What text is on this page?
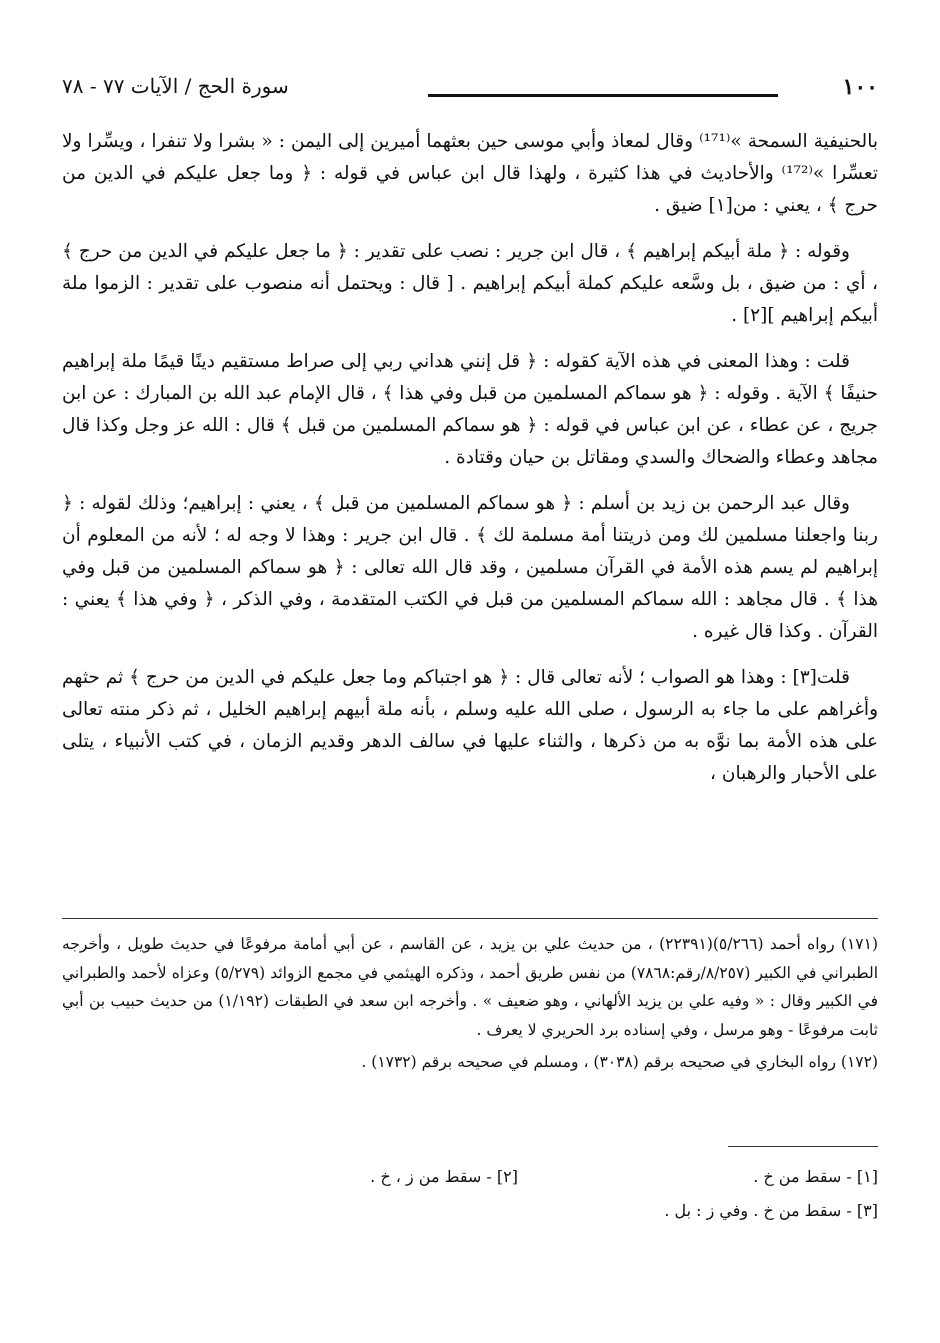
١٠٠
سورة الحج / الآيات ٧٧ - ٧٨

بالحنيفية السمحة »⁽¹⁷¹⁾ وقال لمعاذ وأبي موسى حين بعثهما أميرين إلى اليمن : « بشرا ولا تنفرا ، ويسِّرا ولا تعسِّرا »⁽¹⁷²⁾ والأحاديث في هذا كثيرة ، ولهذا قال ابن عباس في قوله : ﴿ وما جعل عليكم في الدين من حرج ﴾ ، يعني : من[١] ضيق .

وقوله : ﴿ ملة أبيكم إبراهيم ﴾ ، قال ابن جرير : نصب على تقدير : ﴿ ما جعل عليكم في الدين من حرج ﴾ ، أي : من ضيق ، بل وسَّعه عليكم كملة أبيكم إبراهيم . [ قال : ويحتمل أنه منصوب على تقدير : الزموا ملة أبيكم إبراهيم ][٢] .

قلت : وهذا المعنى في هذه الآية كقوله : ﴿ قل إنني هداني ربي إلى صراط مستقيم دينًا قيمًا ملة إبراهيم حنيفًا ﴾ الآية . وقوله : ﴿ هو سماكم المسلمين من قبل وفي هذا ﴾ ، قال الإمام عبد الله بن المبارك : عن ابن جريج ، عن عطاء ، عن ابن عباس في قوله : ﴿ هو سماكم المسلمين من قبل ﴾ قال : الله عز وجل وكذا قال مجاهد وعطاء والضحاك والسدي ومقاتل بن حيان وقتادة .

وقال عبد الرحمن بن زيد بن أسلم : ﴿ هو سماكم المسلمين من قبل ﴾ ، يعني : إبراهيم؛ وذلك لقوله : ﴿ ربنا واجعلنا مسلمين لك ومن ذريتنا أمة مسلمة لك ﴾ . قال ابن جرير : وهذا لا وجه له ؛ لأنه من المعلوم أن إبراهيم لم يسم هذه الأمة في القرآن مسلمين ، وقد قال الله تعالى : ﴿ هو سماكم المسلمين من قبل وفي هذا ﴾ . قال مجاهد : الله سماكم المسلمين من قبل في الكتب المتقدمة ، وفي الذكر ، ﴿ وفي هذا ﴾ يعني : القرآن . وكذا قال غيره .

قلت[٣] : وهذا هو الصواب ؛ لأنه تعالى قال : ﴿ هو اجتباكم وما جعل عليكم في الدين من حرج ﴾ ثم حثهم وأغراهم على ما جاء به الرسول ، صلى الله عليه وسلم ، بأنه ملة أبيهم إبراهيم الخليل ، ثم ذكر منته تعالى على هذه الأمة بما نوَّه به من ذكرها ، والثناء عليها في سالف الدهر وقديم الزمان ، في كتب الأنبياء ، يتلى على الأحبار والرهبان ،

(١٧١) رواه أحمد (٥/٢٦٦)(٢٢٣٩١) ، من حديث علي بن يزيد ، عن القاسم ، عن أبي أمامة مرفوعًا في حديث طويل ، وأخرجه الطبراني في الكبير (٨/٢٥٧/رقم:٧٨٦٨) من نفس طريق أحمد ، وذكره الهيثمي في مجمع الزوائد (٥/٢٧٩) وعزاه لأحمد والطبراني في الكبير وقال : « وفيه علي بن يزيد الألهاني ، وهو ضعيف » . وأخرجه ابن سعد في الطبقات (١/١٩٢) من حديث حبيب بن أبي ثابت مرفوعًا - وهو مرسل ، وفي إسناده برد الحريري لا يعرف .

(١٧٢) رواه البخاري في صحيحه برقم (٣٠٣٨) ، ومسلم في صحيحه برقم (١٧٣٢) .

[١] - سقط من خ .
[٢] - سقط من ز ، خ .
[٣] - سقط من خ . وفي ز : بل .
